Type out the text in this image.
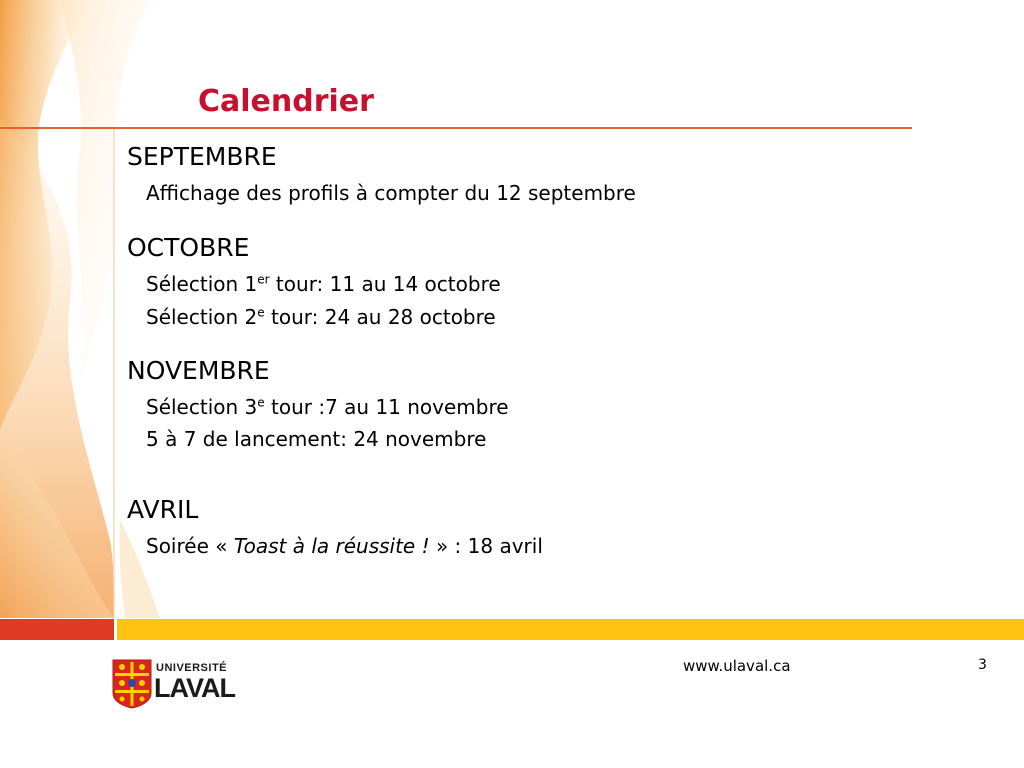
Calendrier
SEPTEMBRE
Affichage des profils à compter du 12 septembre
OCTOBRE
Sélection 1er tour: 11 au 14 octobre
Sélection 2e tour: 24 au 28 octobre
NOVEMBRE
Sélection 3e tour :7 au 11 novembre
5 à 7 de lancement: 24 novembre
AVRIL
Soirée « Toast à la réussite ! » : 18 avril
UNIVERSITÉ
LAVAL
www.ulaval.ca	3
